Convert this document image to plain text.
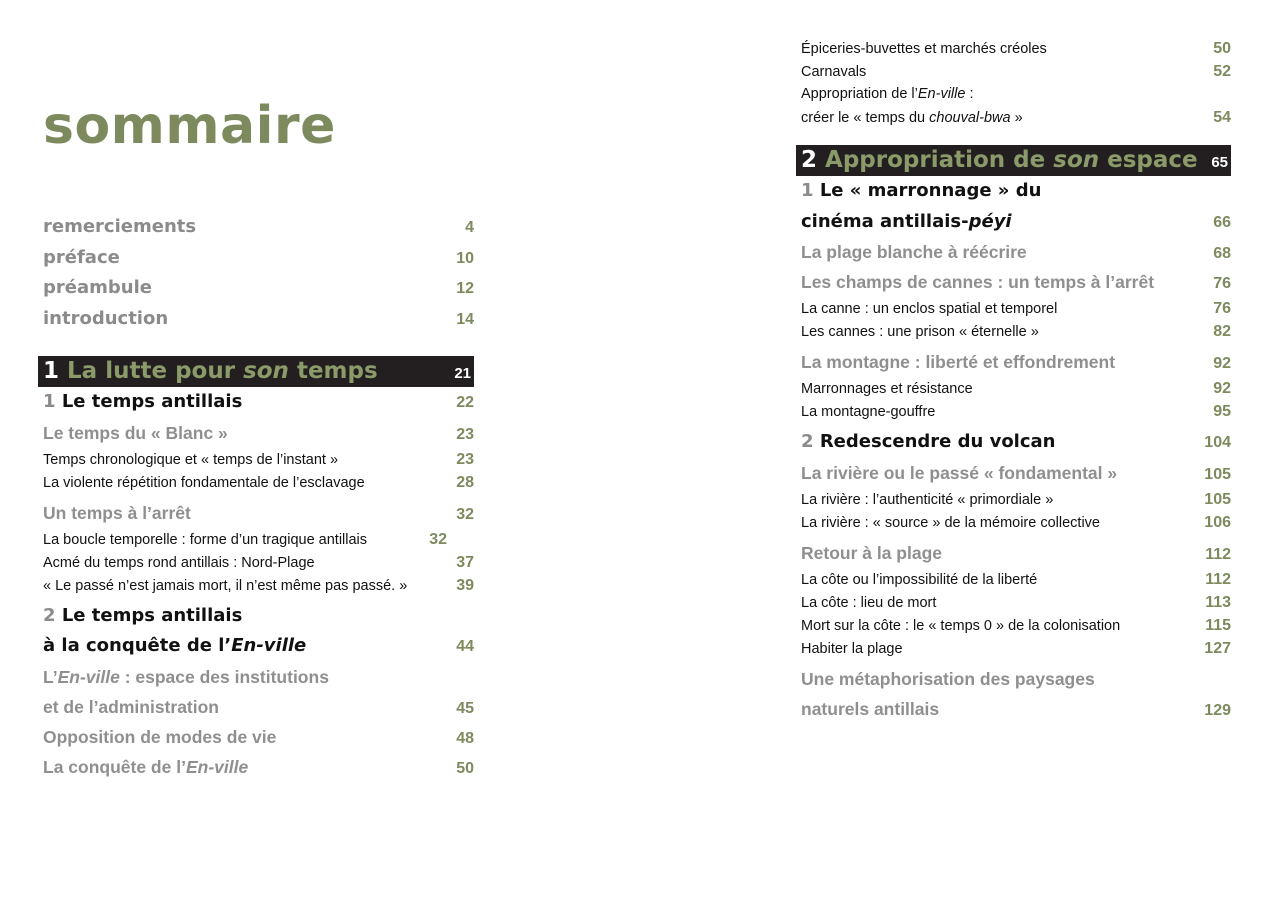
sommaire
remerciements	4
préface	10
préambule	12
introduction	14
1 La lutte pour son temps	21
1 Le temps antillais	22
Le temps du « Blanc »	23
Temps chronologique et « temps de l’instant »	23
La violente répétition fondamentale de l’esclavage	28
Un temps à l’arrêt	32
La boucle temporelle : forme d’un tragique antillais	32
Acmé du temps rond antillais : Nord-Plage	37
« Le passé n’est jamais mort, il n’est même pas passé. »	39
2 Le temps antillais
à la conquête de l’En-ville	44
L’En-ville : espace des institutions
et de l’administration	45
Opposition de modes de vie	48
La conquête de l’En-ville	50
Épiceries-buvettes et marchés créoles	50
Carnavals	52
Appropriation de l’En-ville :
créer le « temps du chouval-bwa »	54
2 Appropriation de son espace 65
1 Le « marronnage » du
cinéma antillais-péyi	66
La plage blanche à réécrire	68
Les champs de cannes : un temps à l’arrêt	76
La canne : un enclos spatial et temporel	76
Les cannes : une prison « éternelle »	82
La montagne : liberté et effondrement	92
Marronnages et résistance	92
La montagne-gouffre	95
2 Redescendre du volcan	104
La rivière ou le passé « fondamental »	105
La rivière : l’authenticité « primordiale »	105
La rivière : « source » de la mémoire collective	106
Retour à la plage	112
La côte ou l’impossibilité de la liberté	112
La côte : lieu de mort	113
Mort sur la côte : le « temps 0 » de la colonisation	115
Habiter la plage	127
Une métaphorisation des paysages
naturels antillais	129
